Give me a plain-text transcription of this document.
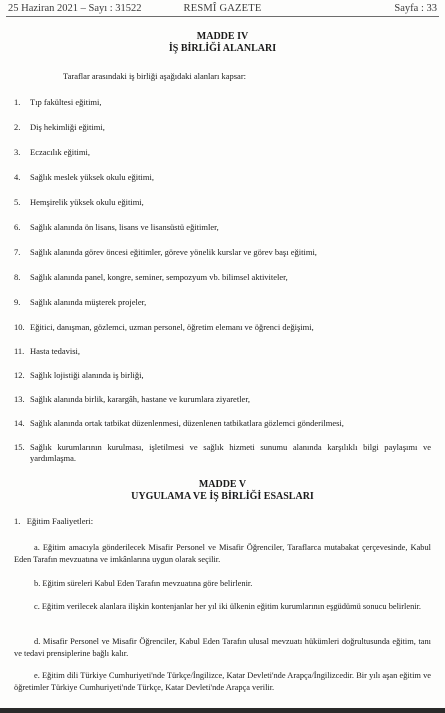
25 Haziran 2021 – Sayı : 31522	RESMÎ GAZETE	Sayfa : 33
MADDE IV
İŞ BİRLİĞİ ALANLARI
Taraflar arasındaki iş birliği aşağıdaki alanları kapsar:
1. Tıp fakültesi eğitimi,
2. Diş hekimliği eğitimi,
3. Eczacılık eğitimi,
4. Sağlık meslek yüksek okulu eğitimi,
5. Hemşirelik yüksek okulu eğitimi,
6. Sağlık alanında ön lisans, lisans ve lisansüstü eğitimler,
7. Sağlık alanında görev öncesi eğitimler, göreve yönelik kurslar ve görev başı eğitimi,
8. Sağlık alanında panel, kongre, seminer, sempozyum vb. bilimsel aktiviteler,
9. Sağlık alanında müşterek projeler,
10. Eğitici, danışman, gözlemci, uzman personel, öğretim elemanı ve öğrenci değişimi,
11. Hasta tedavisi,
12. Sağlık lojistiği alanında iş birliği,
13. Sağlık alanında birlik, karargâh, hastane ve kurumlara ziyaretler,
14. Sağlık alanında ortak tatbikat düzenlenmesi, düzenlenen tatbikatlara gözlemci gönderilmesi,
15. Sağlık kurumlarının kurulması, işletilmesi ve sağlık hizmeti sunumu alanında karşılıklı bilgi paylaşımı ve yardımlaşma.
MADDE V
UYGULAMA VE İŞ BİRLİĞİ ESASLARI
1.   Eğitim Faaliyetleri:
a. Eğitim amacıyla gönderilecek Misafir Personel ve Misafir Öğrenciler, Taraflarca mutabakat çerçevesinde, Kabul Eden Tarafın mevzuatına ve imkânlarına uygun olarak seçilir.
b. Eğitim süreleri Kabul Eden Tarafın mevzuatına göre belirlenir.
c. Eğitim verilecek alanlara ilişkin kontenjanlar her yıl iki ülkenin eğitim kurumlarının eşgüdümü sonucu belirlenir.
d. Misafir Personel ve Misafir Öğrenciler, Kabul Eden Tarafın ulusal mevzuatı hükümleri doğrultusunda eğitim, tanı ve tedavi prensiplerine bağlı kalır.
e. Eğitim dili Türkiye Cumhuriyeti'nde Türkçe/İngilizce, Katar Devleti'nde Arapça/İngilizcedir. Bir yılı aşan eğitim ve öğretimler Türkiye Cumhuriyeti'nde Türkçe, Katar Devleti'nde Arapça verilir.
